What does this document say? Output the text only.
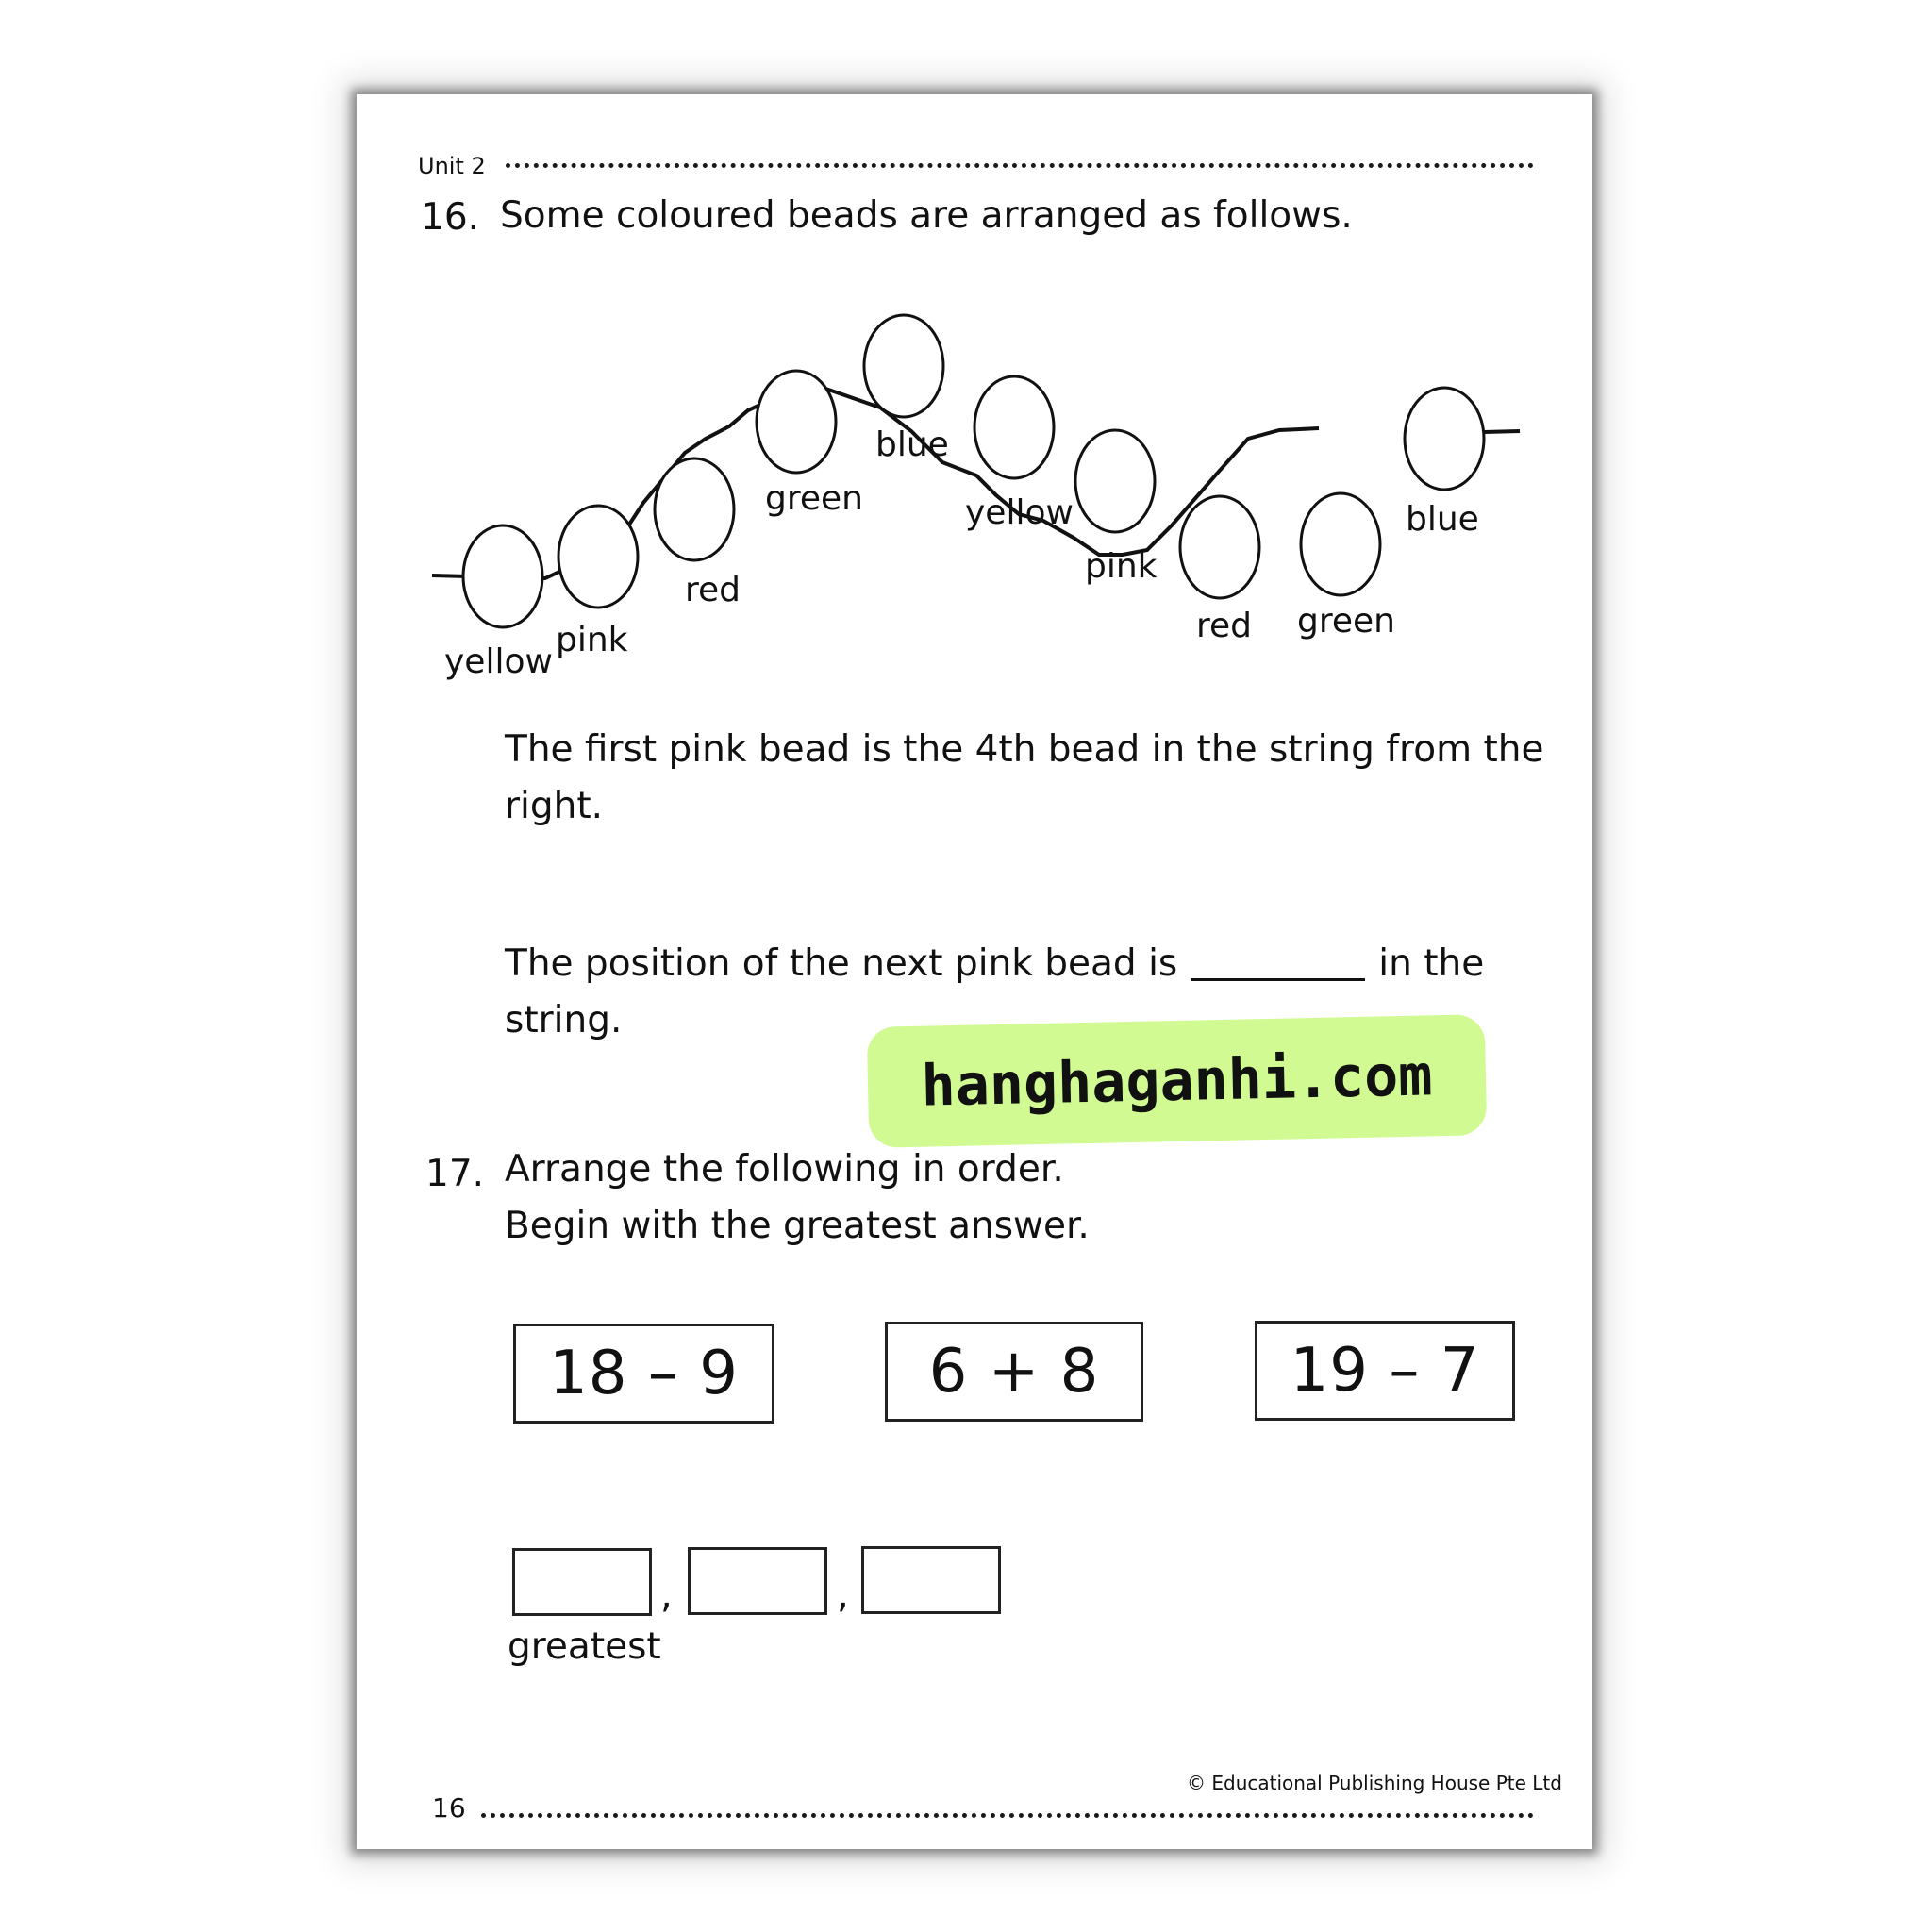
Unit 2
16. Some coloured beads are arranged as follows.
yellow
pink
red
green
blue
yellow
pink
red green
blue
The first pink bead is the 4th bead in the string from the
right.
The position of the next pink bead is	in the
string.
17. Arrange the following in order.
Begin with the greatest answer.
18 – 9	6 + 8	19 – 7
,	,
greatest
© Educational Publishing House Pte Ltd
16
hanghaganhi.com
